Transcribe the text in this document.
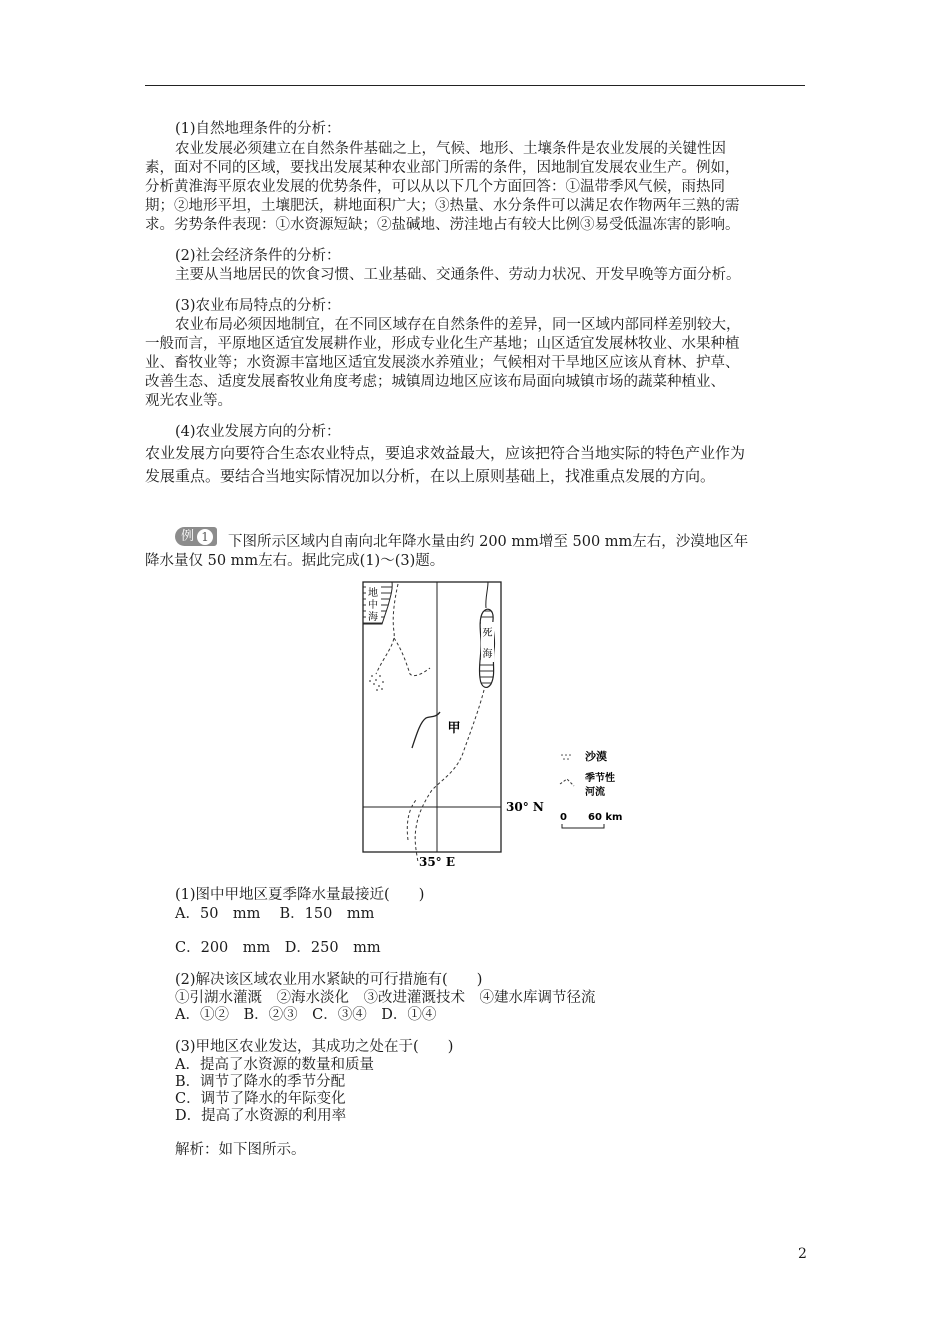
(1)自然地理条件的分析：
农业发展必须建立在自然条件基础之上，气候、地形、土壤条件是农业发展的关键性因
素，面对不同的区域，要找出发展某种农业部门所需的条件，因地制宜发展农业生产。例如，
分析黄淮海平原农业发展的优势条件，可以从以下几个方面回答：①温带季风气候，雨热同
期；②地形平坦，土壤肥沃，耕地面积广大；③热量、水分条件可以满足农作物两年三熟的需
求。劣势条件表现：①水资源短缺；②盐碱地、涝洼地占有较大比例③易受低温冻害的影响。
(2)社会经济条件的分析：
主要从当地居民的饮食习惯、工业基础、交通条件、劳动力状况、开发早晚等方面分析。
(3)农业布局特点的分析：
农业布局必须因地制宜，在不同区域存在自然条件的差异，同一区域内部同样差别较大，
一般而言，平原地区适宜发展耕作业，形成专业化生产基地；山区适宜发展林牧业、水果种植
业、畜牧业等；水资源丰富地区适宜发展淡水养殖业；气候相对干旱地区应该从育林、护草、
改善生态、适度发展畜牧业角度考虑；城镇周边地区应该布局面向城镇市场的蔬菜种植业、
观光农业等。
(4)农业发展方向的分析：
农业发展方向要符合生态农业特点，要追求效益最大，应该把符合当地实际的特色产业作为
发展重点。要结合当地实际情况加以分析，在以上原则基础上，找准重点发展的方向。
例 1	下图所示区域内自南向北年降水量由约 200 mm增至 500 mm左右，沙漠地区年
降水量仅 50 mm左右。据此完成(1)～(3)题。
地
中
海
死
海
甲
30° N
35° E
沙漠
季节性
河流
0 60 km
(1)图中甲地区夏季降水量最接近(　　)
A．50　mm　 B．150　mm
C．200　mm　D．250　mm
(2)解决该区域农业用水紧缺的可行措施有(　　)
①引湖水灌溉　②海水淡化　③改进灌溉技术　④建水库调节径流
A．①②　B．②③　C．③④　D．①④
(3)甲地区农业发达，其成功之处在于(　　)
A．提高了水资源的数量和质量
B．调节了降水的季节分配
C．调节了降水的年际变化
D．提高了水资源的利用率
解析：如下图所示。
2
